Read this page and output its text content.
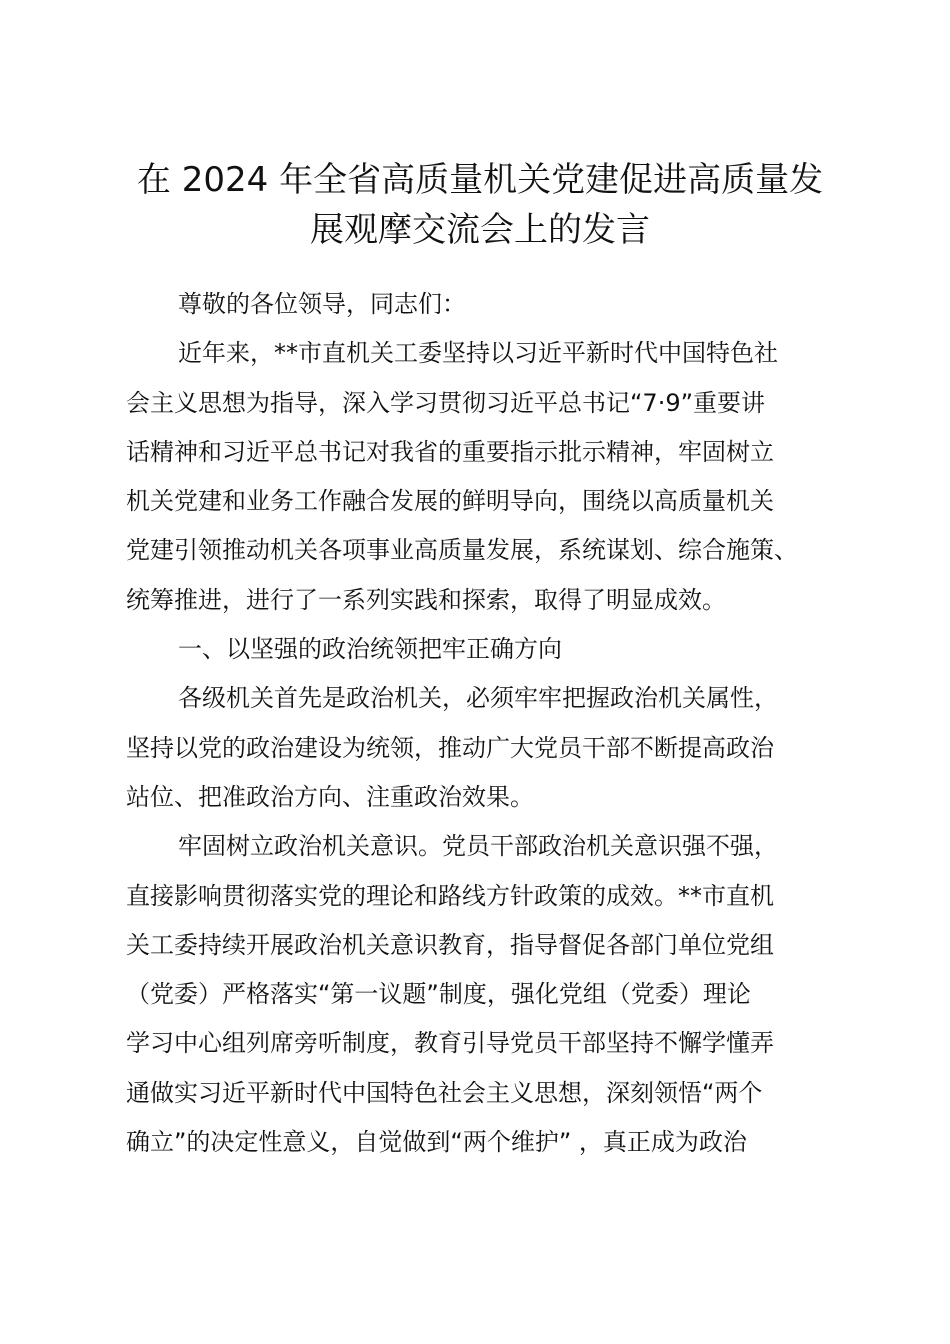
在 2024 年全省高质量机关党建促进高质量发
展观摩交流会上的发言
尊敬的各位领导，同志们：
近年来，**市直机关工委坚持以习近平新时代中国特色社
会主义思想为指导，深入学习贯彻习近平总书记“7·9”重要讲
话精神和习近平总书记对我省的重要指示批示精神，牢固树立
机关党建和业务工作融合发展的鲜明导向，围绕以高质量机关
党建引领推动机关各项事业高质量发展，系统谋划、综合施策、
统筹推进，进行了一系列实践和探索，取得了明显成效。
一、以坚强的政治统领把牢正确方向
各级机关首先是政治机关，必须牢牢把握政治机关属性，
坚持以党的政治建设为统领，推动广大党员干部不断提高政治
站位、把准政治方向、注重政治效果。
牢固树立政治机关意识。党员干部政治机关意识强不强，
直接影响贯彻落实党的理论和路线方针政策的成效。**市直机
关工委持续开展政治机关意识教育，指导督促各部门单位党组
（党委）严格落实“第一议题”制度，强化党组（党委）理论
学习中心组列席旁听制度，教育引导党员干部坚持不懈学懂弄
通做实习近平新时代中国特色社会主义思想，深刻领悟“两个
确立”的决定性意义，自觉做到“两个维护” ，真正成为政治
